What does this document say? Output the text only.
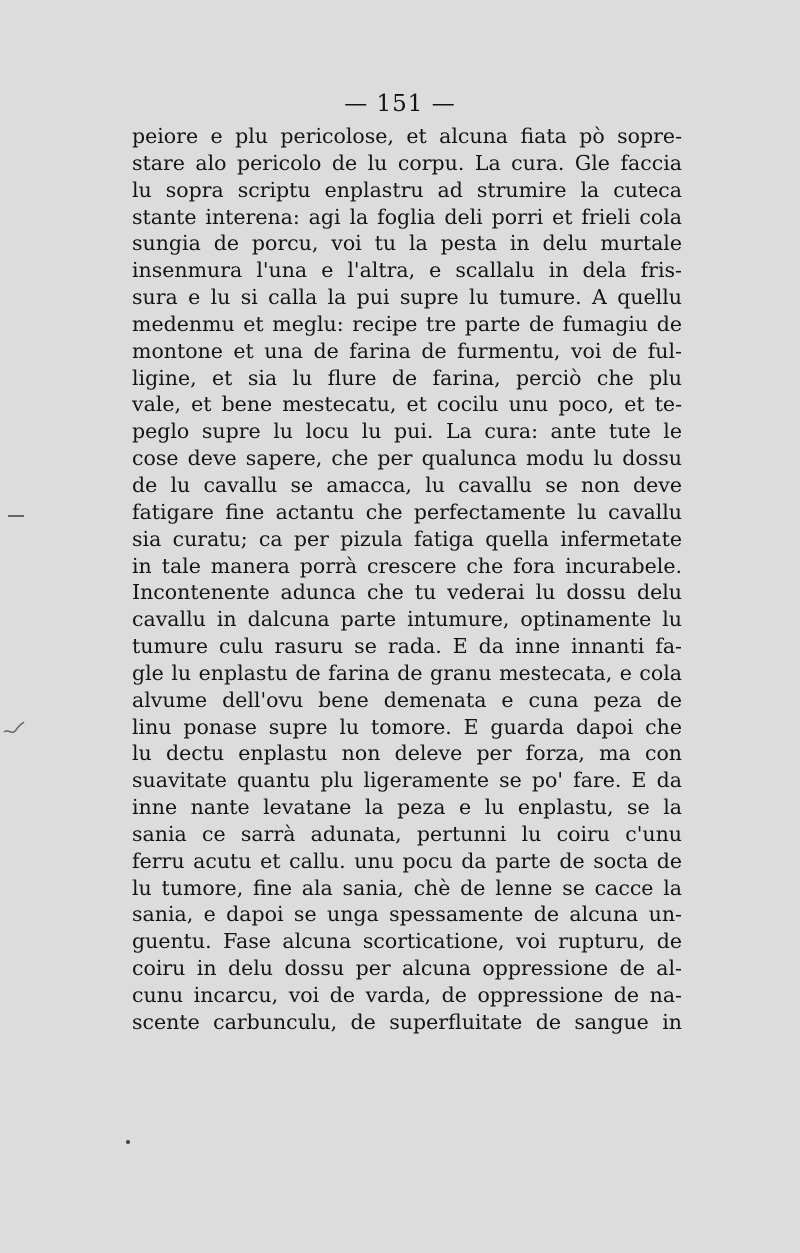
— 151 —
peiore e plu pericolose, et alcuna fiata pò sopre-
stare alo pericolo de lu corpu. La cura. Gle faccia
lu sopra scriptu enplastru ad strumire la cuteca
stante interena: agi la foglia deli porri et frieli cola
sungia de porcu, voi tu la pesta in delu murtale
insenmura l'una e l'altra, e scallalu in dela fris-
sura e lu si calla la pui supre lu tumure. A quellu
medenmu et meglu: recipe tre parte de fumagiu de
montone et una de farina de furmentu, voi de ful-
ligine, et sia lu flure de farina, perciò che plu
vale, et bene mestecatu, et cocilu unu poco, et te-
peglo supre lu locu lu pui. La cura: ante tute le
cose deve sapere, che per qualunca modu lu dossu
de lu cavallu se amacca, lu cavallu se non deve
fatigare fine actantu che perfectamente lu cavallu
sia curatu; ca per pizula fatiga quella infermetate
in tale manera porrà crescere che fora incurabele.
Incontenente adunca che tu vederai lu dossu delu
cavallu in dalcuna parte intumure, optinamente lu
tumure culu rasuru se rada. E da inne innanti fa-
gle lu enplastu de farina de granu mestecata, e cola
alvume dell'ovu bene demenata e cuna peza de
linu ponase supre lu tomore. E guarda dapoi che
lu dectu enplastu non deleve per forza, ma con
suavitate quantu plu ligeramente se po' fare. E da
inne nante levatane la peza e lu enplastu, se la
sania ce sarrà adunata, pertunni lu coiru c'unu
ferru acutu et callu. unu pocu da parte de socta de
lu tumore, fine ala sania, chè de lenne se cacce la
sania, e dapoi se unga spessamente de alcuna un-
guentu. Fase alcuna scorticatione, voi rupturu, de
coiru in delu dossu per alcuna oppressione de al-
cunu incarcu, voi de varda, de oppressione de na-
scente carbunculu, de superfluitate de sangue in
